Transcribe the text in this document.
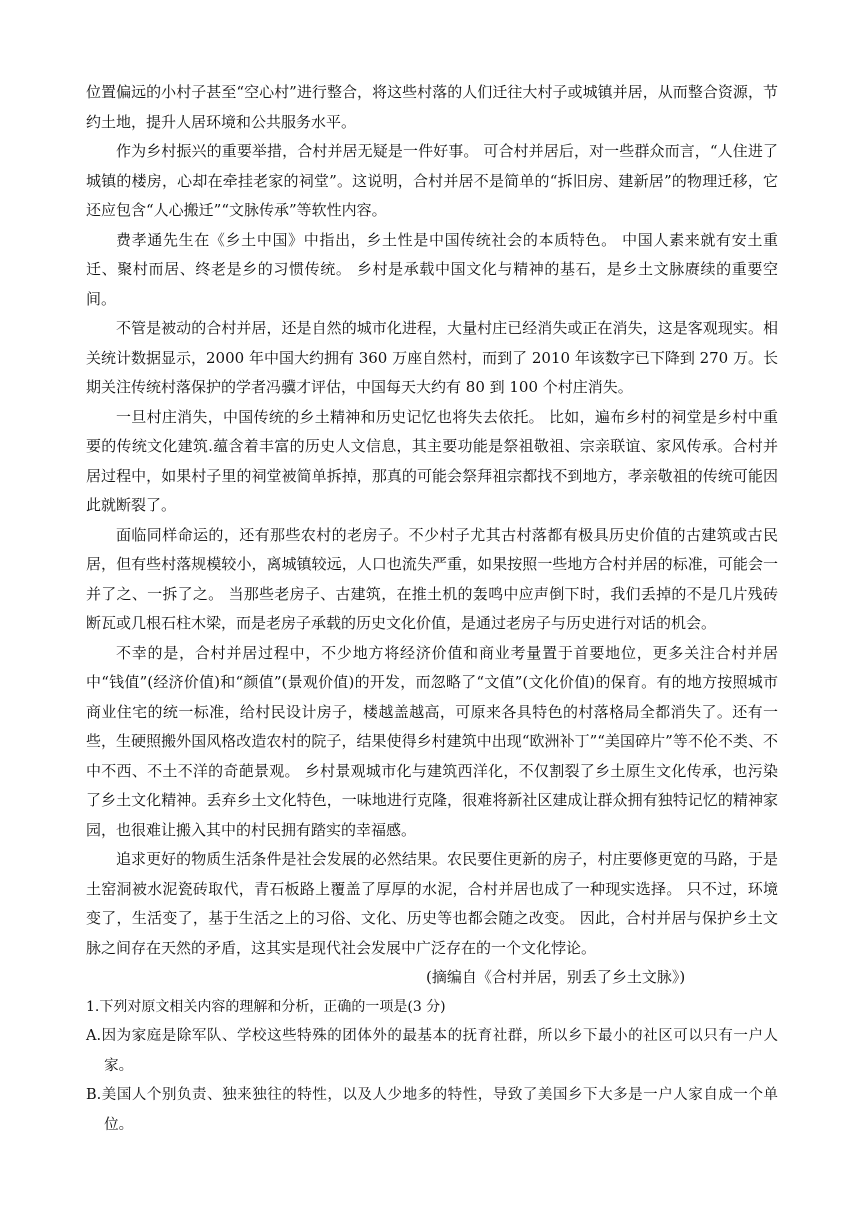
位置偏远的小村子甚至“空心村”进行整合，将这些村落的人们迁往大村子或城镇并居，从而整合资源，节约土地，提升人居环境和公共服务水平。

作为乡村振兴的重要举措，合村并居无疑是一件好事。 可合村并居后，对一些群众而言，“人住进了城镇的楼房，心却在牵挂老家的祠堂”。这说明，合村并居不是简单的“拆旧房、建新居”的物理迁移，它还应包含“人心搬迁”“文脉传承”等软性内容。

费孝通先生在《乡土中国》中指出，乡土性是中国传统社会的本质特色。 中国人素来就有安土重迁、聚村而居、终老是乡的习惯传统。 乡村是承载中国文化与精神的基石，是乡土文脉赓续的重要空间。

不管是被动的合村并居，还是自然的城市化进程，大量村庄已经消失或正在消失，这是客观现实。相关统计数据显示，2000 年中国大约拥有 360 万座自然村，而到了 2010 年该数字已下降到 270 万。长期关注传统村落保护的学者冯骥才评估，中国每天大约有 80 到 100 个村庄消失。

一旦村庄消失，中国传统的乡土精神和历史记忆也将失去依托。 比如，遍布乡村的祠堂是乡村中重要的传统文化建筑.蕴含着丰富的历史人文信息，其主要功能是祭祖敬祖、宗亲联谊、家风传承。合村并居过程中，如果村子里的祠堂被简单拆掉，那真的可能会祭拜祖宗都找不到地方，孝亲敬祖的传统可能因此就断裂了。

面临同样命运的，还有那些农村的老房子。不少村子尤其古村落都有极具历史价值的古建筑或古民居，但有些村落规模较小，离城镇较远，人口也流失严重，如果按照一些地方合村并居的标准，可能会一并了之、一拆了之。 当那些老房子、古建筑，在推土机的轰鸣中应声倒下时，我们丢掉的不是几片残砖断瓦或几根石柱木梁，而是老房子承载的历史文化价值，是通过老房子与历史进行对话的机会。

不幸的是，合村并居过程中，不少地方将经济价值和商业考量置于首要地位，更多关注合村并居中“钱值”(经济价值)和“颜值”(景观价值)的开发，而忽略了“文值”(文化价值)的保育。有的地方按照城市商业住宅的统一标准，给村民设计房子，楼越盖越高，可原来各具特色的村落格局全都消失了。还有一些，生硬照搬外国风格改造农村的院子，结果使得乡村建筑中出现“欧洲补丁”“美国碎片”等不伦不类、不中不西、不土不洋的奇葩景观。 乡村景观城市化与建筑西洋化，不仅割裂了乡土原生文化传承，也污染了乡土文化精神。丢弃乡土文化特色，一味地进行克隆，很难将新社区建成让群众拥有独特记忆的精神家园，也很难让搬入其中的村民拥有踏实的幸福感。

追求更好的物质生活条件是社会发展的必然结果。农民要住更新的房子，村庄要修更宽的马路，于是土窑洞被水泥瓷砖取代，青石板路上覆盖了厚厚的水泥，合村并居也成了一种现实选择。 只不过，环境变了，生活变了，基于生活之上的习俗、文化、历史等也都会随之改变。 因此，合村并居与保护乡土文脉之间存在天然的矛盾，这其实是现代社会发展中广泛存在的一个文化悖论。

(摘编自《合村并居，别丢了乡土文脉》)

1.下列对原文相关内容的理解和分析，正确的一项是(3 分)

A.因为家庭是除军队、学校这些特殊的团体外的最基本的抚育社群，所以乡下最小的社区可以只有一户人家。

B.美国人个别负责、独来独往的特性，以及人少地多的特性，导致了美国乡下大多是一户人家自成一个单位。
